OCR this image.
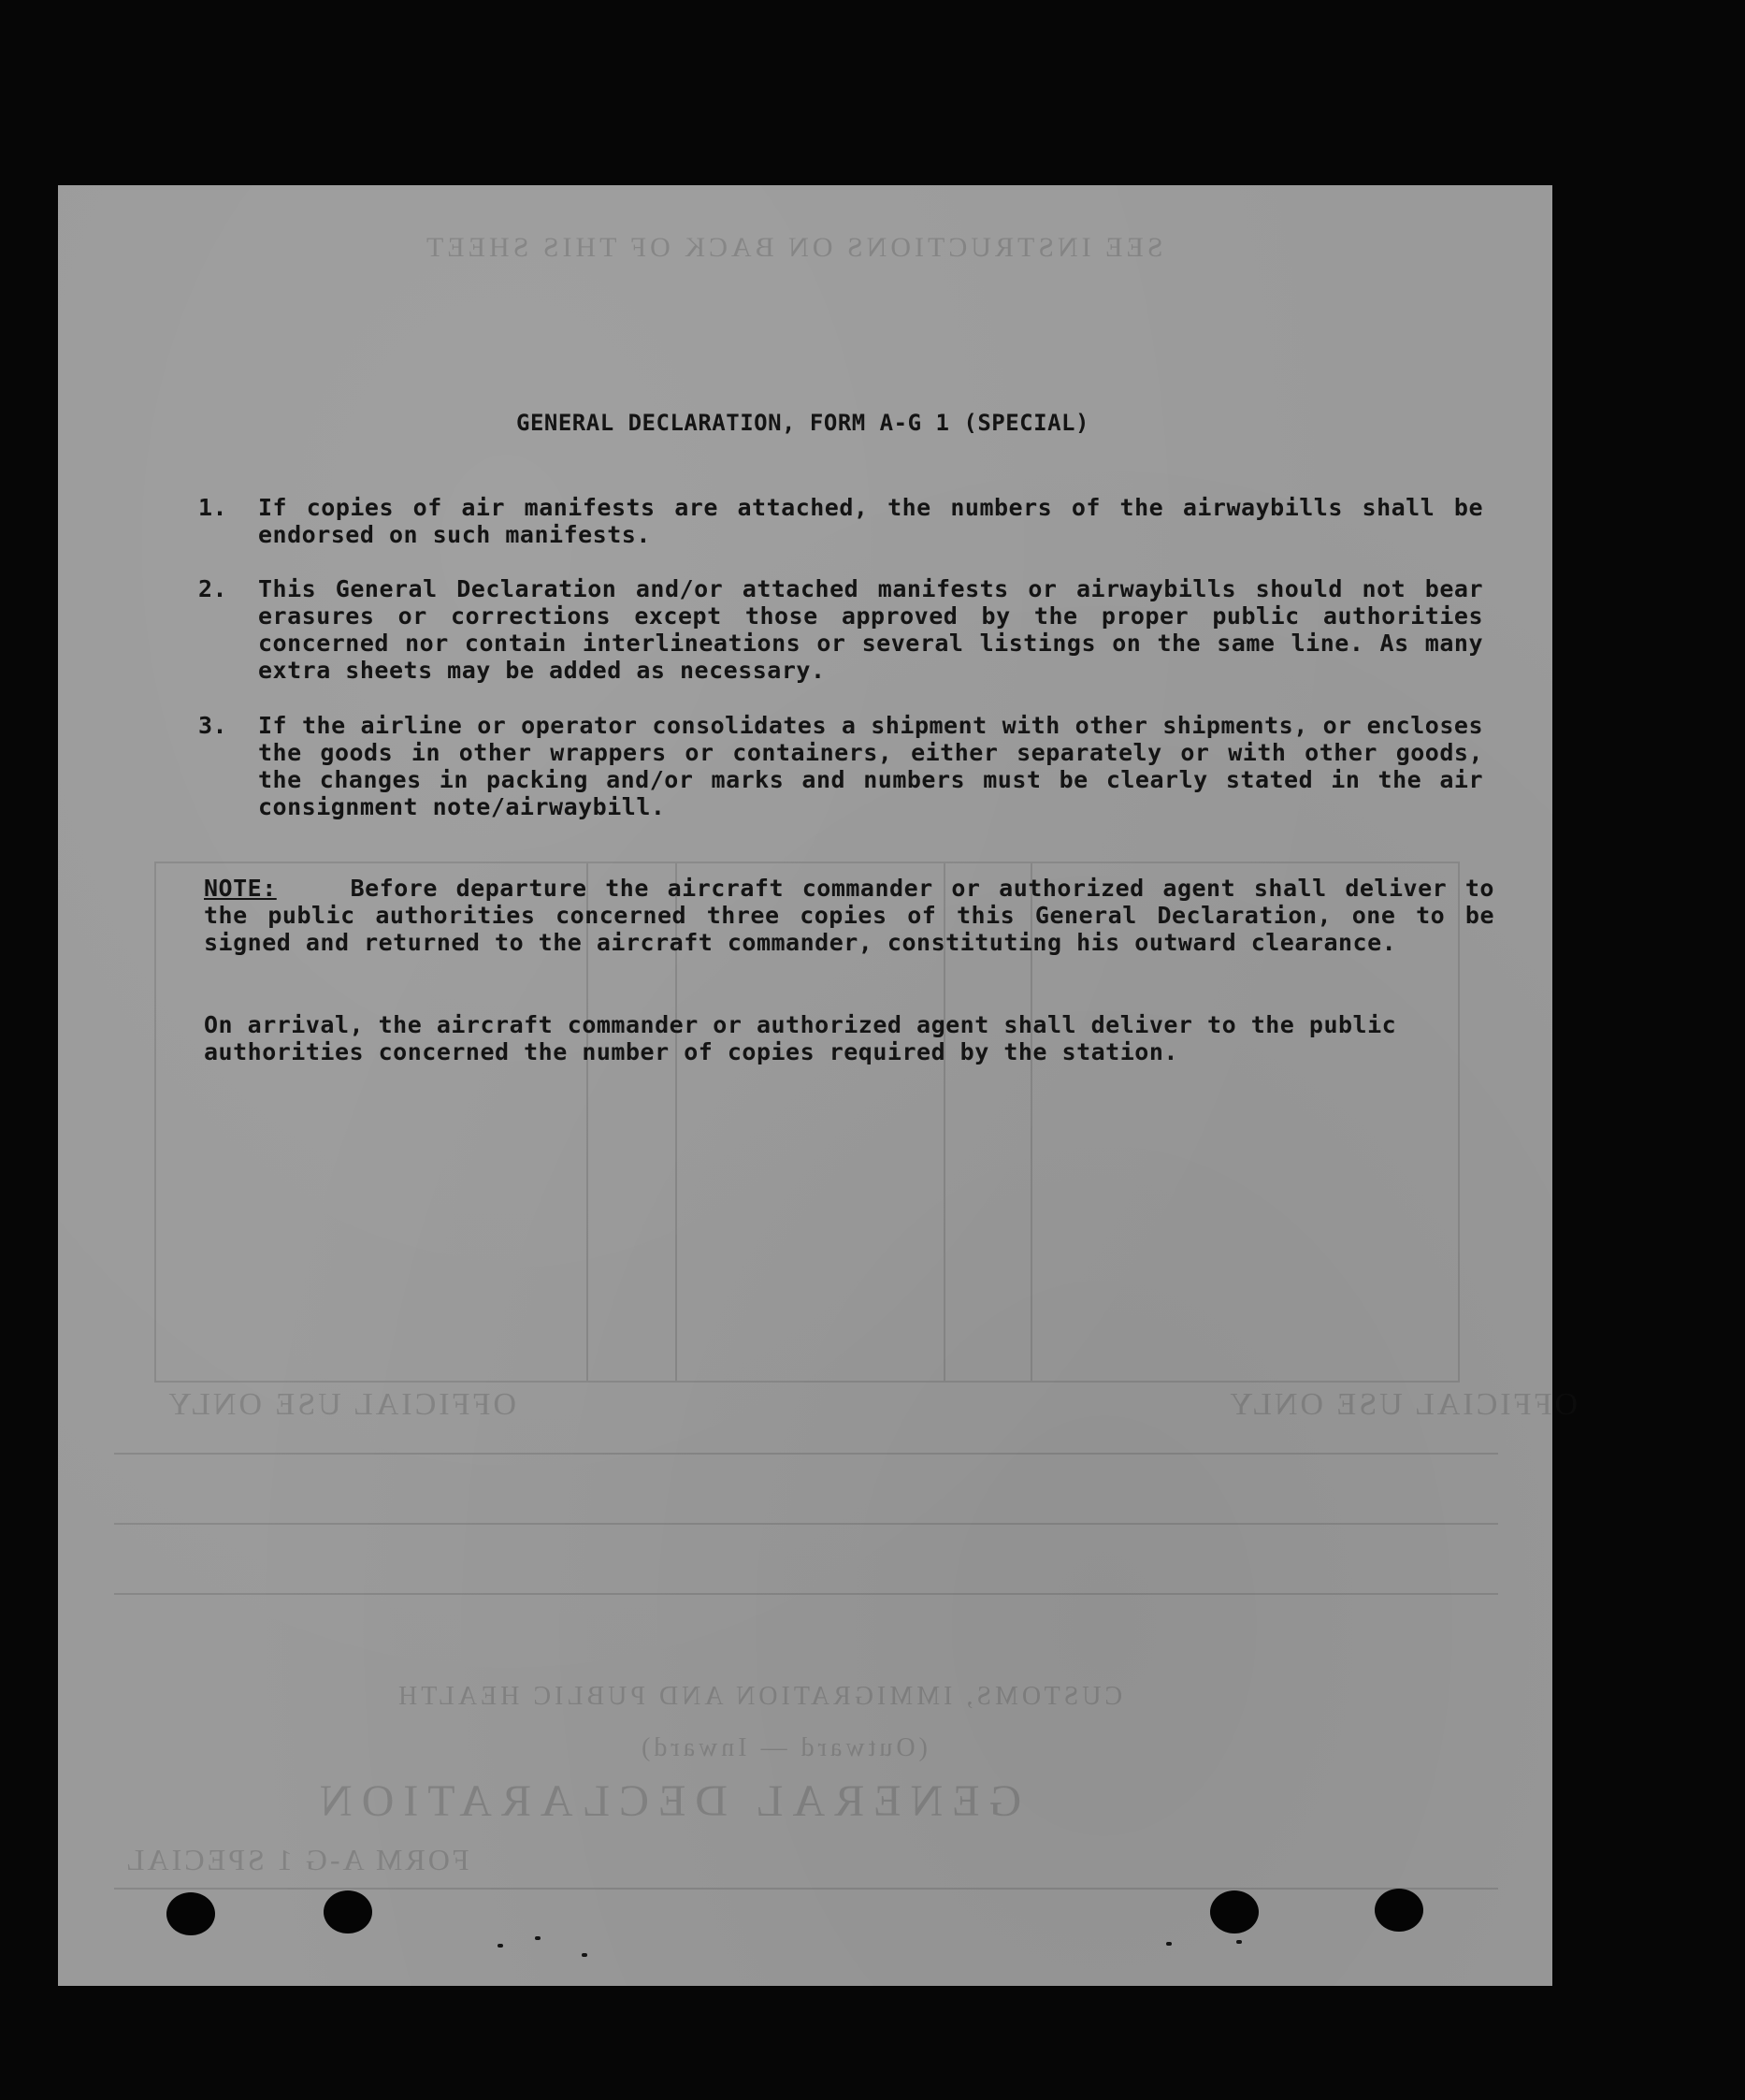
SEE INSTRUCTIONS ON BACK OF THIS SHEET
GENERAL DECLARATION
CUSTOMS, IMMIGRATION AND PUBLIC HEALTH
(Outward — Inward)
FORM A-G 1 SPECIAL
OFFICIAL USE ONLY
OFFICIAL USE ONLY
GENERAL DECLARATION, FORM A-G 1 (SPECIAL)
1. If copies of air manifests are attached, the numbers of the airwaybills shall be endorsed on such manifests.
2. This General Declaration and/or attached manifests or airwaybills should not bear erasures or corrections except those approved by the proper public authorities concerned nor contain interlineations or several listings on the same line. As many extra sheets may be added as necessary.
3. If the airline or operator consolidates a shipment with other shipments, or encloses the goods in other wrappers or containers, either separately or with other goods, the changes in packing and/or marks and numbers must be clearly stated in the air consignment note/airwaybill.
NOTE:	Before departure the aircraft commander or authorized agent shall deliver to the public authorities concerned three copies of this General Declaration, one to be signed and returned to the aircraft commander, constituting his outward clearance.
On arrival, the aircraft commander or authorized agent shall deliver to the public authorities concerned the number of copies required by the station.
